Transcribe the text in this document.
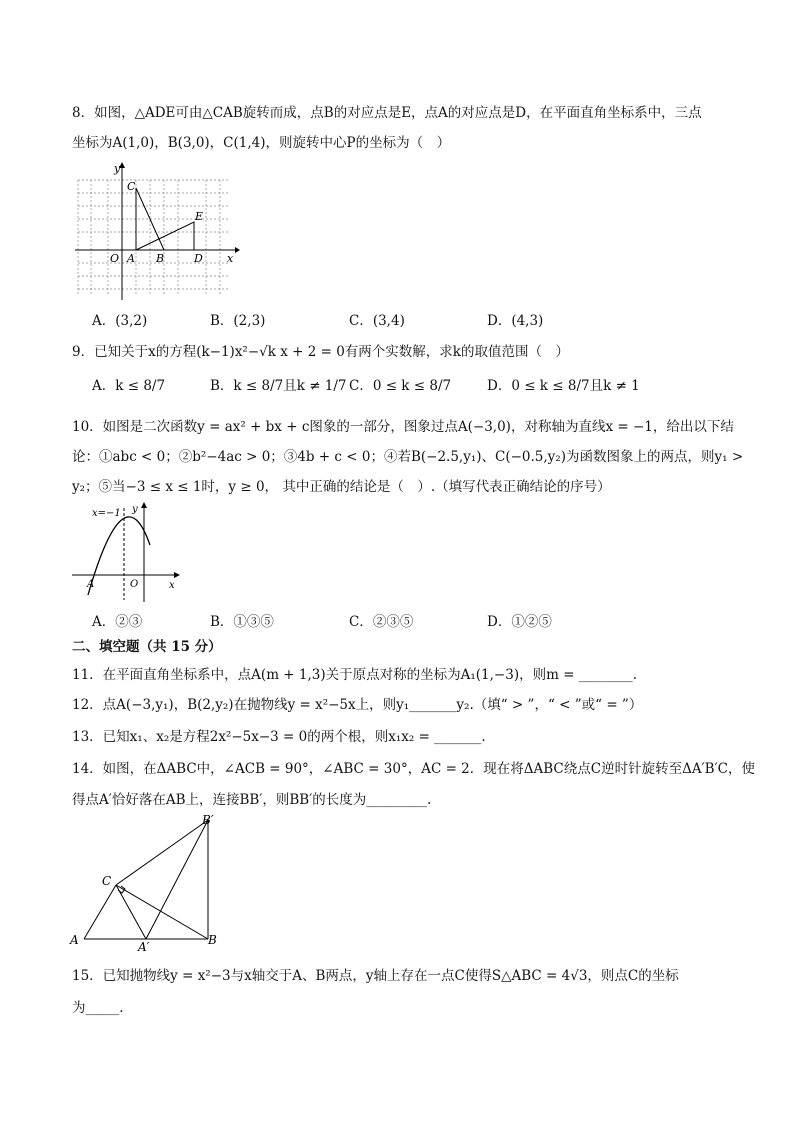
8．如图，△ADE可由△CAB旋转而成，点B的对应点是E，点A的对应点是D，在平面直角坐标系中，三点
坐标为A(1,0)，B(3,0)，C(1,4)，则旋转中心P的坐标为（　）
y
x
O A B
C
D
E
A．(3,2)	B．(2,3)	C．(3,4)	D．(4,3)
9．已知关于x的方程(k−1)x²−√k x + 2 = 0有两个实数解，求k的取值范围（　）
A．k ≤ 8/7	B．k ≤ 8/7且k ≠ 1/7 C．0 ≤ k ≤ 8/7	D．0 ≤ k ≤ 8/7且k ≠ 1
10．如图是二次函数y = ax² + bx + c图象的一部分，图象过点A(−3,0)，对称轴为直线x = −1，给出以下结
论：①abc < 0；②b²−4ac > 0；③4b + c < 0；④若B(−2.5,y₁)、C(−0.5,y₂)为函数图象上的两点，则y₁ >
y₂；⑤当−3 ≤ x ≤ 1时，y ≥ 0， 其中正确的结论是（　）.（填写代表正确结论的序号）
x=−1 y
x
O
A
A．②③	B．①③⑤	C．②③⑤	D．①②⑤
二、填空题（共 15 分）
11．在平面直角坐标系中，点A(m + 1,3)关于原点对称的坐标为A₁(1,−3)，则m = ________.
12．点A(−3,y₁)，B(2,y₂)在抛物线y = x²−5x上，则y₁_______y₂.（填“ > ”，“ < ”或“ = ”）
13．已知x₁、x₂是方程2x²−5x−3 = 0的两个根，则x₁x₂ = _______.
14．如图，在ΔABC中，∠ACB = 90°，∠ABC = 30°，AC = 2．现在将ΔABC绕点C逆时针旋转至ΔA′B′C，使
得点A′恰好落在AB上，连接BB′，则BB′的长度为_________.
B′
C
A	A′	B
15．已知抛物线y = x²−3与x轴交于A、B两点，y轴上存在一点C使得S△ABC = 4√3，则点C的坐标
为_____.
